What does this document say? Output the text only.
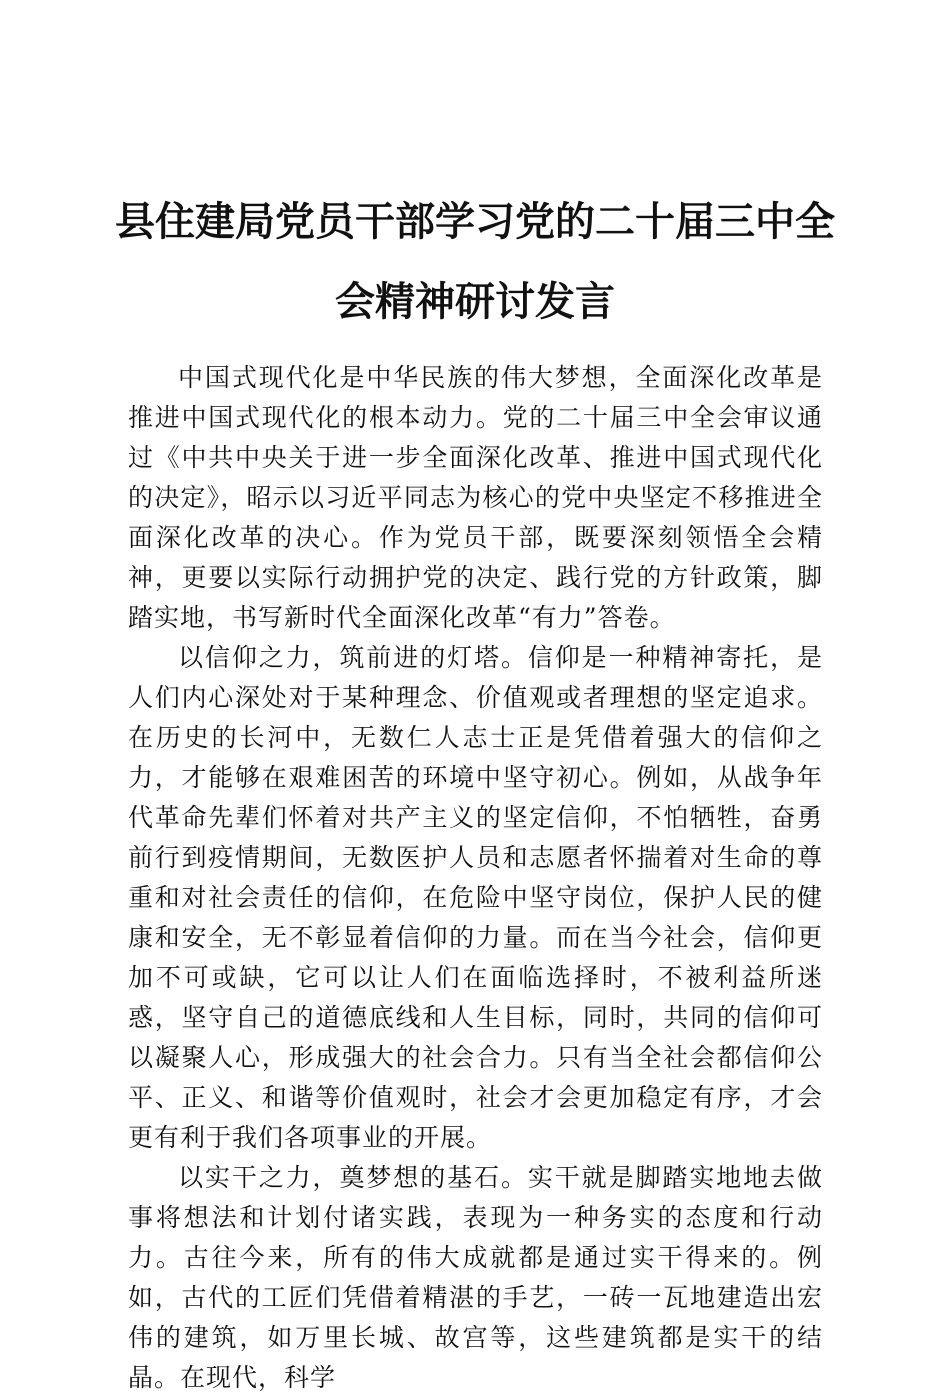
县住建局党员干部学习党的二十届三中全会精神研讨发言

中国式现代化是中华民族的伟大梦想，全面深化改革是推进中国式现代化的根本动力。党的二十届三中全会审议通过《中共中央关于进一步全面深化改革、推进中国式现代化的决定》，昭示以习近平同志为核心的党中央坚定不移推进全面深化改革的决心。作为党员干部，既要深刻领悟全会精神，更要以实际行动拥护党的决定、践行党的方针政策，脚踏实地，书写新时代全面深化改革“有力”答卷。

以信仰之力，筑前进的灯塔。信仰是一种精神寄托，是人们内心深处对于某种理念、价值观或者理想的坚定追求。在历史的长河中，无数仁人志士正是凭借着强大的信仰之力，才能够在艰难困苦的环境中坚守初心。例如，从战争年代革命先辈们怀着对共产主义的坚定信仰，不怕牺牲，奋勇前行到疫情期间，无数医护人员和志愿者怀揣着对生命的尊重和对社会责任的信仰，在危险中坚守岗位，保护人民的健康和安全，无不彰显着信仰的力量。而在当今社会，信仰更加不可或缺，它可以让人们在面临选择时，不被利益所迷惑，坚守自己的道德底线和人生目标，同时，共同的信仰可以凝聚人心，形成强大的社会合力。只有当全社会都信仰公平、正义、和谐等价值观时，社会才会更加稳定有序，才会更有利于我们各项事业的开展。

以实干之力，奠梦想的基石。实干就是脚踏实地地去做事将想法和计划付诸实践，表现为一种务实的态度和行动力。古往今来，所有的伟大成就都是通过实干得来的。例如，古代的工匠们凭借着精湛的手艺，一砖一瓦地建造出宏伟的建筑，如万里长城、故宫等，这些建筑都是实干的结晶。在现代，科学
